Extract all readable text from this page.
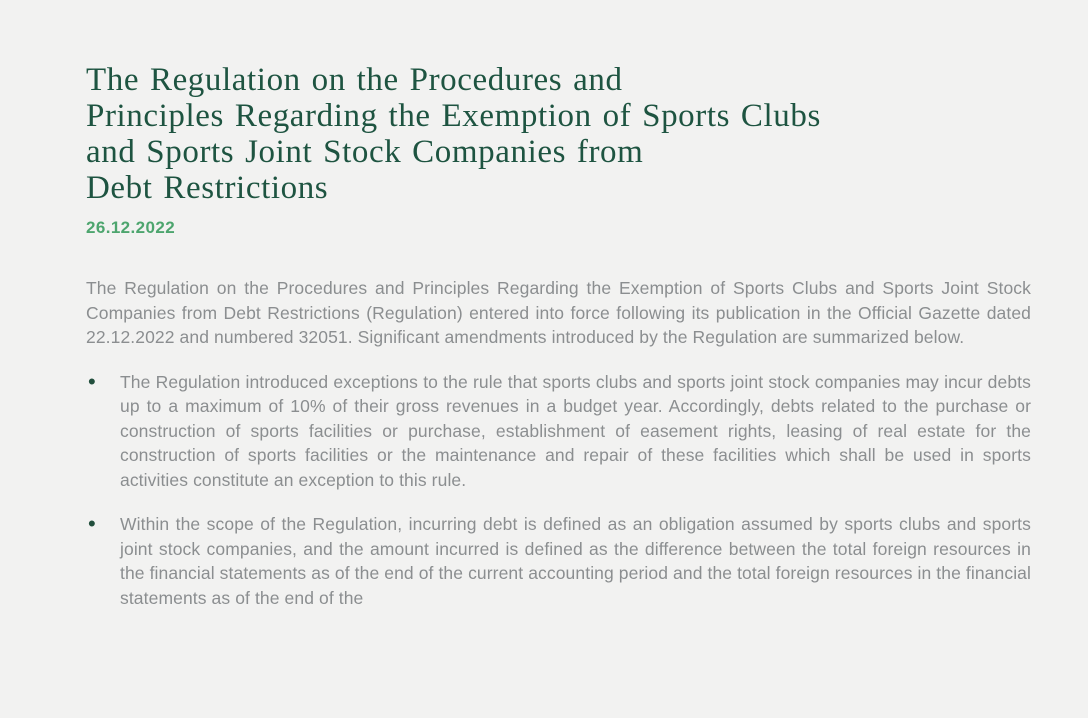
The Regulation on the Procedures and
Principles Regarding the Exemption of Sports Clubs
and Sports Joint Stock Companies from
Debt Restrictions
26.12.2022

The Regulation on the Procedures and Principles Regarding the Exemption of Sports Clubs and Sports Joint Stock Companies from Debt Restrictions (Regulation) entered into force following its publication in the Official Gazette dated 22.12.2022 and numbered 32051. Significant amendments introduced by the Regulation are summarized below.

•	The Regulation introduced exceptions to the rule that sports clubs and sports joint stock companies may incur debts up to a maximum of 10% of their gross revenues in a budget year. Accordingly, debts related to the purchase or construction of sports facilities or purchase, establishment of easement rights, leasing of real estate for the construction of sports facilities or the maintenance and repair of these facilities which shall be used in sports activities constitute an exception to this rule.

•	Within the scope of the Regulation, incurring debt is defined as an obligation assumed by sports clubs and sports joint stock companies, and the amount incurred is defined as the difference between the total foreign resources in the financial statements as of the end of the current accounting period and the total foreign resources in the financial statements as of the end of the
